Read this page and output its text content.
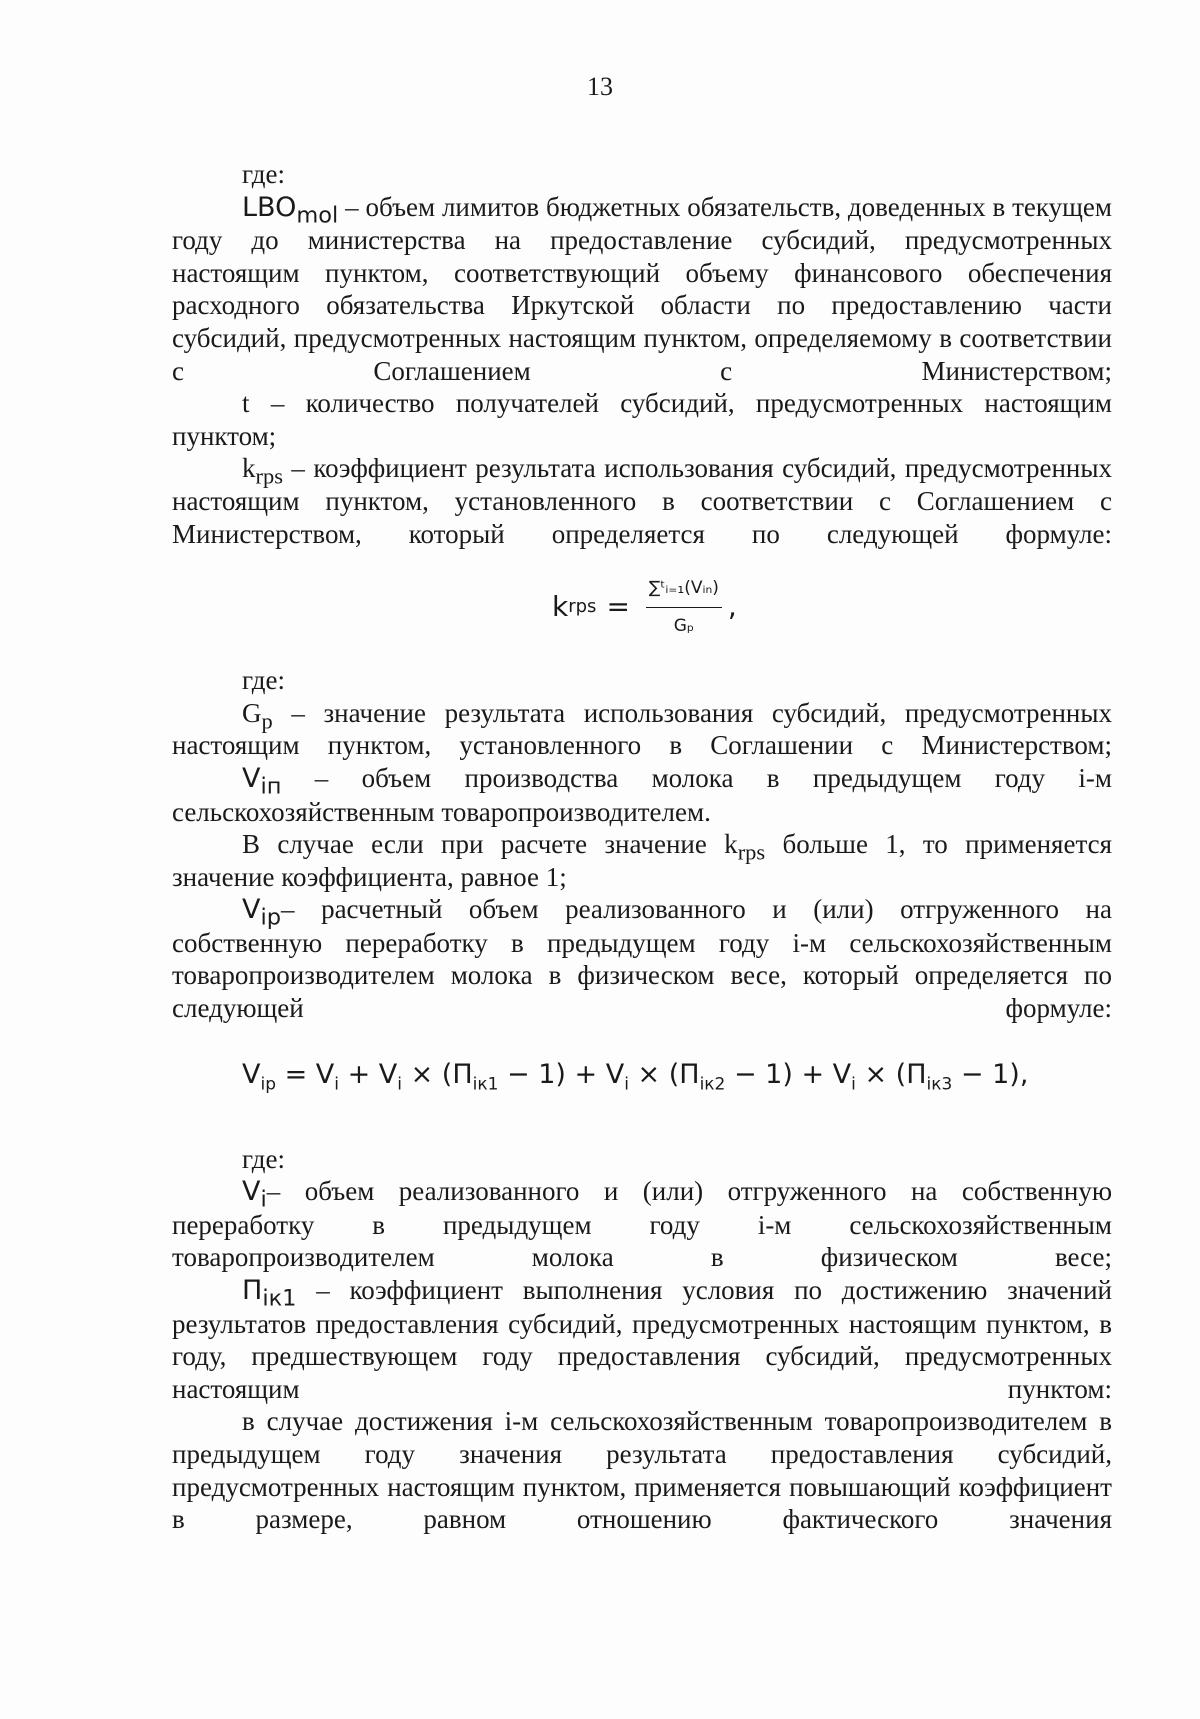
13

где:

$LBO_{mol}$ – объем лимитов бюджетных обязательств, доведенных в текущем году до министерства на предоставление субсидий, предусмотренных настоящим пунктом, соответствующий объему финансового обеспечения расходного обязательства Иркутской области по предоставлению части субсидий, предусмотренных настоящим пунктом, определяемому в соответствии с Соглашением с Министерством;

t – количество получателей субсидий, предусмотренных настоящим пунктом;

$k_{rps}$ – коэффициент результата использования субсидий, предусмотренных настоящим пунктом, установленного в соответствии с Соглашением с Министерством, который определяется по следующей формуле:

k rps = $\frac{\text{∑ᵗᵢ₌₁(Vᵢₙ)}}{\text{Gₚ}}$ ,

где:

$G_р$ – значение результата использования субсидий, предусмотренных настоящим пунктом, установленного в Соглашении с Министерством;

$V_{iп}$ – объем производства молока в предыдущем году i-м сельскохозяйственным товаропроизводителем.

В случае если при расчете значение $k_{rps}$ больше 1, то применяется значение коэффициента, равное 1;

$V_{ip}-$ расчетный объем реализованного и (или) отгруженного на собственную переработку в предыдущем году i-м сельскохозяйственным товаропроизводителем молока в физическом весе, который определяется по следующей формуле:

$V_{ip} = V_i + V_i \times (П_{iк1} - 1) + V_i \times (П_{iк2} - 1) + V_i \times (П_{iк3} - 1)$,

где:

$V_i-$ объем реализованного и (или) отгруженного на собственную переработку в предыдущем году i-м сельскохозяйственным товаропроизводителем молока в физическом весе;

$П_{iк1}$ – коэффициент выполнения условия по достижению значений результатов предоставления субсидий, предусмотренных настоящим пунктом, в году, предшествующем году предоставления субсидий, предусмотренных настоящим пунктом:

в случае достижения i-м сельскохозяйственным товаропроизводителем в предыдущем году значения результата предоставления субсидий, предусмотренных настоящим пунктом, применяется повышающий коэффициент в размере, равном отношению фактического значения
